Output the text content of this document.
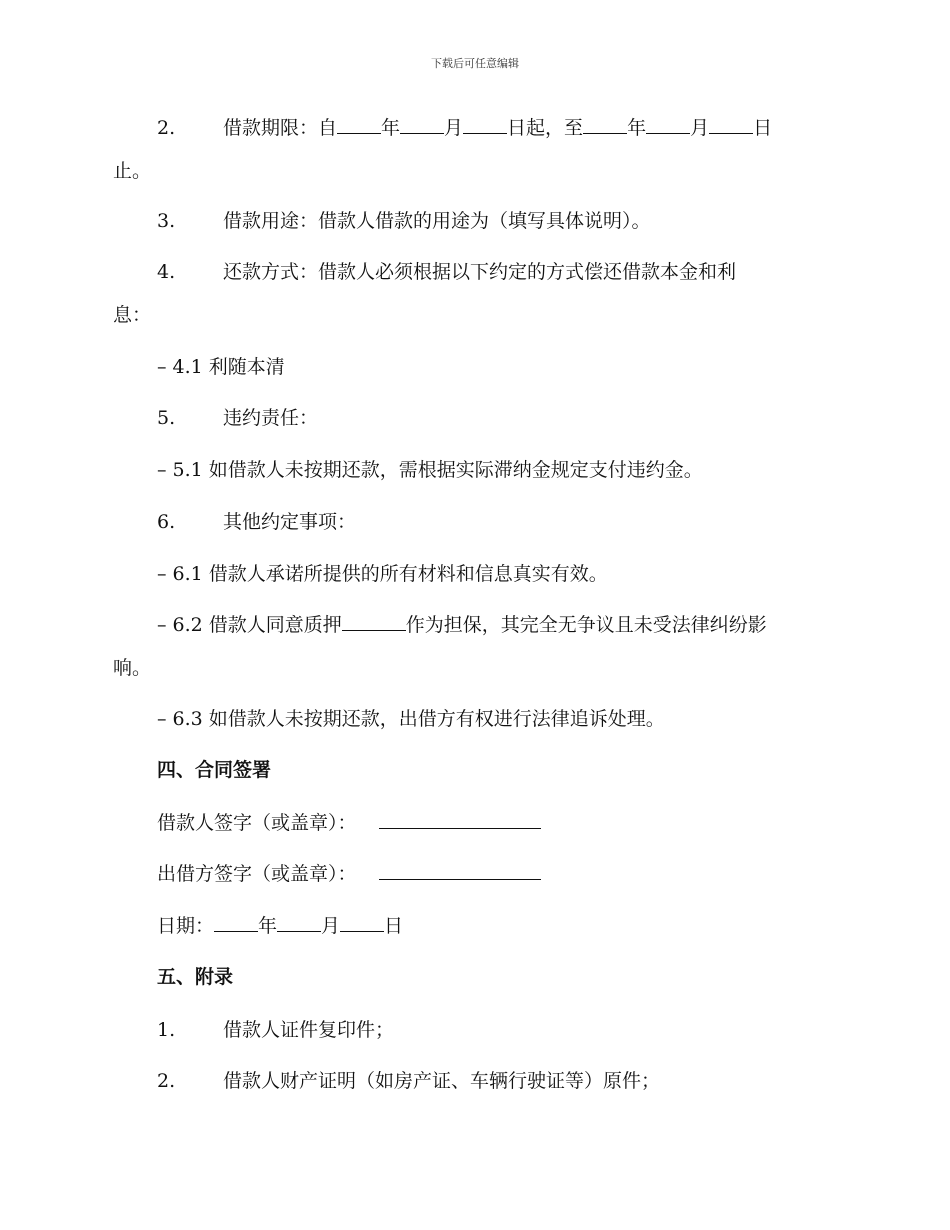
下载后可任意编辑
2.	借款期限：自 年 月 日起，至 年 月 日
止。
3.	借款用途：借款人借款的用途为（填写具体说明）。
4.	还款方式：借款人必须根据以下约定的方式偿还借款本金和利
息：
– 4.1 利随本清
5.	违约责任：
– 5.1 如借款人未按期还款，需根据实际滞纳金规定支付违约金。
6.	其他约定事项：
– 6.1 借款人承诺所提供的所有材料和信息真实有效。
– 6.2 借款人同意质押	作为担保，其完全无争议且未受法律纠纷影
响。
– 6.3 如借款人未按期还款，出借方有权进行法律追诉处理。
四、合同签署
借款人签字（或盖章）：
出借方签字（或盖章）：
日期： 年 月 日
五、附录
1.	借款人证件复印件；
2.	借款人财产证明（如房产证、车辆行驶证等）原件；
